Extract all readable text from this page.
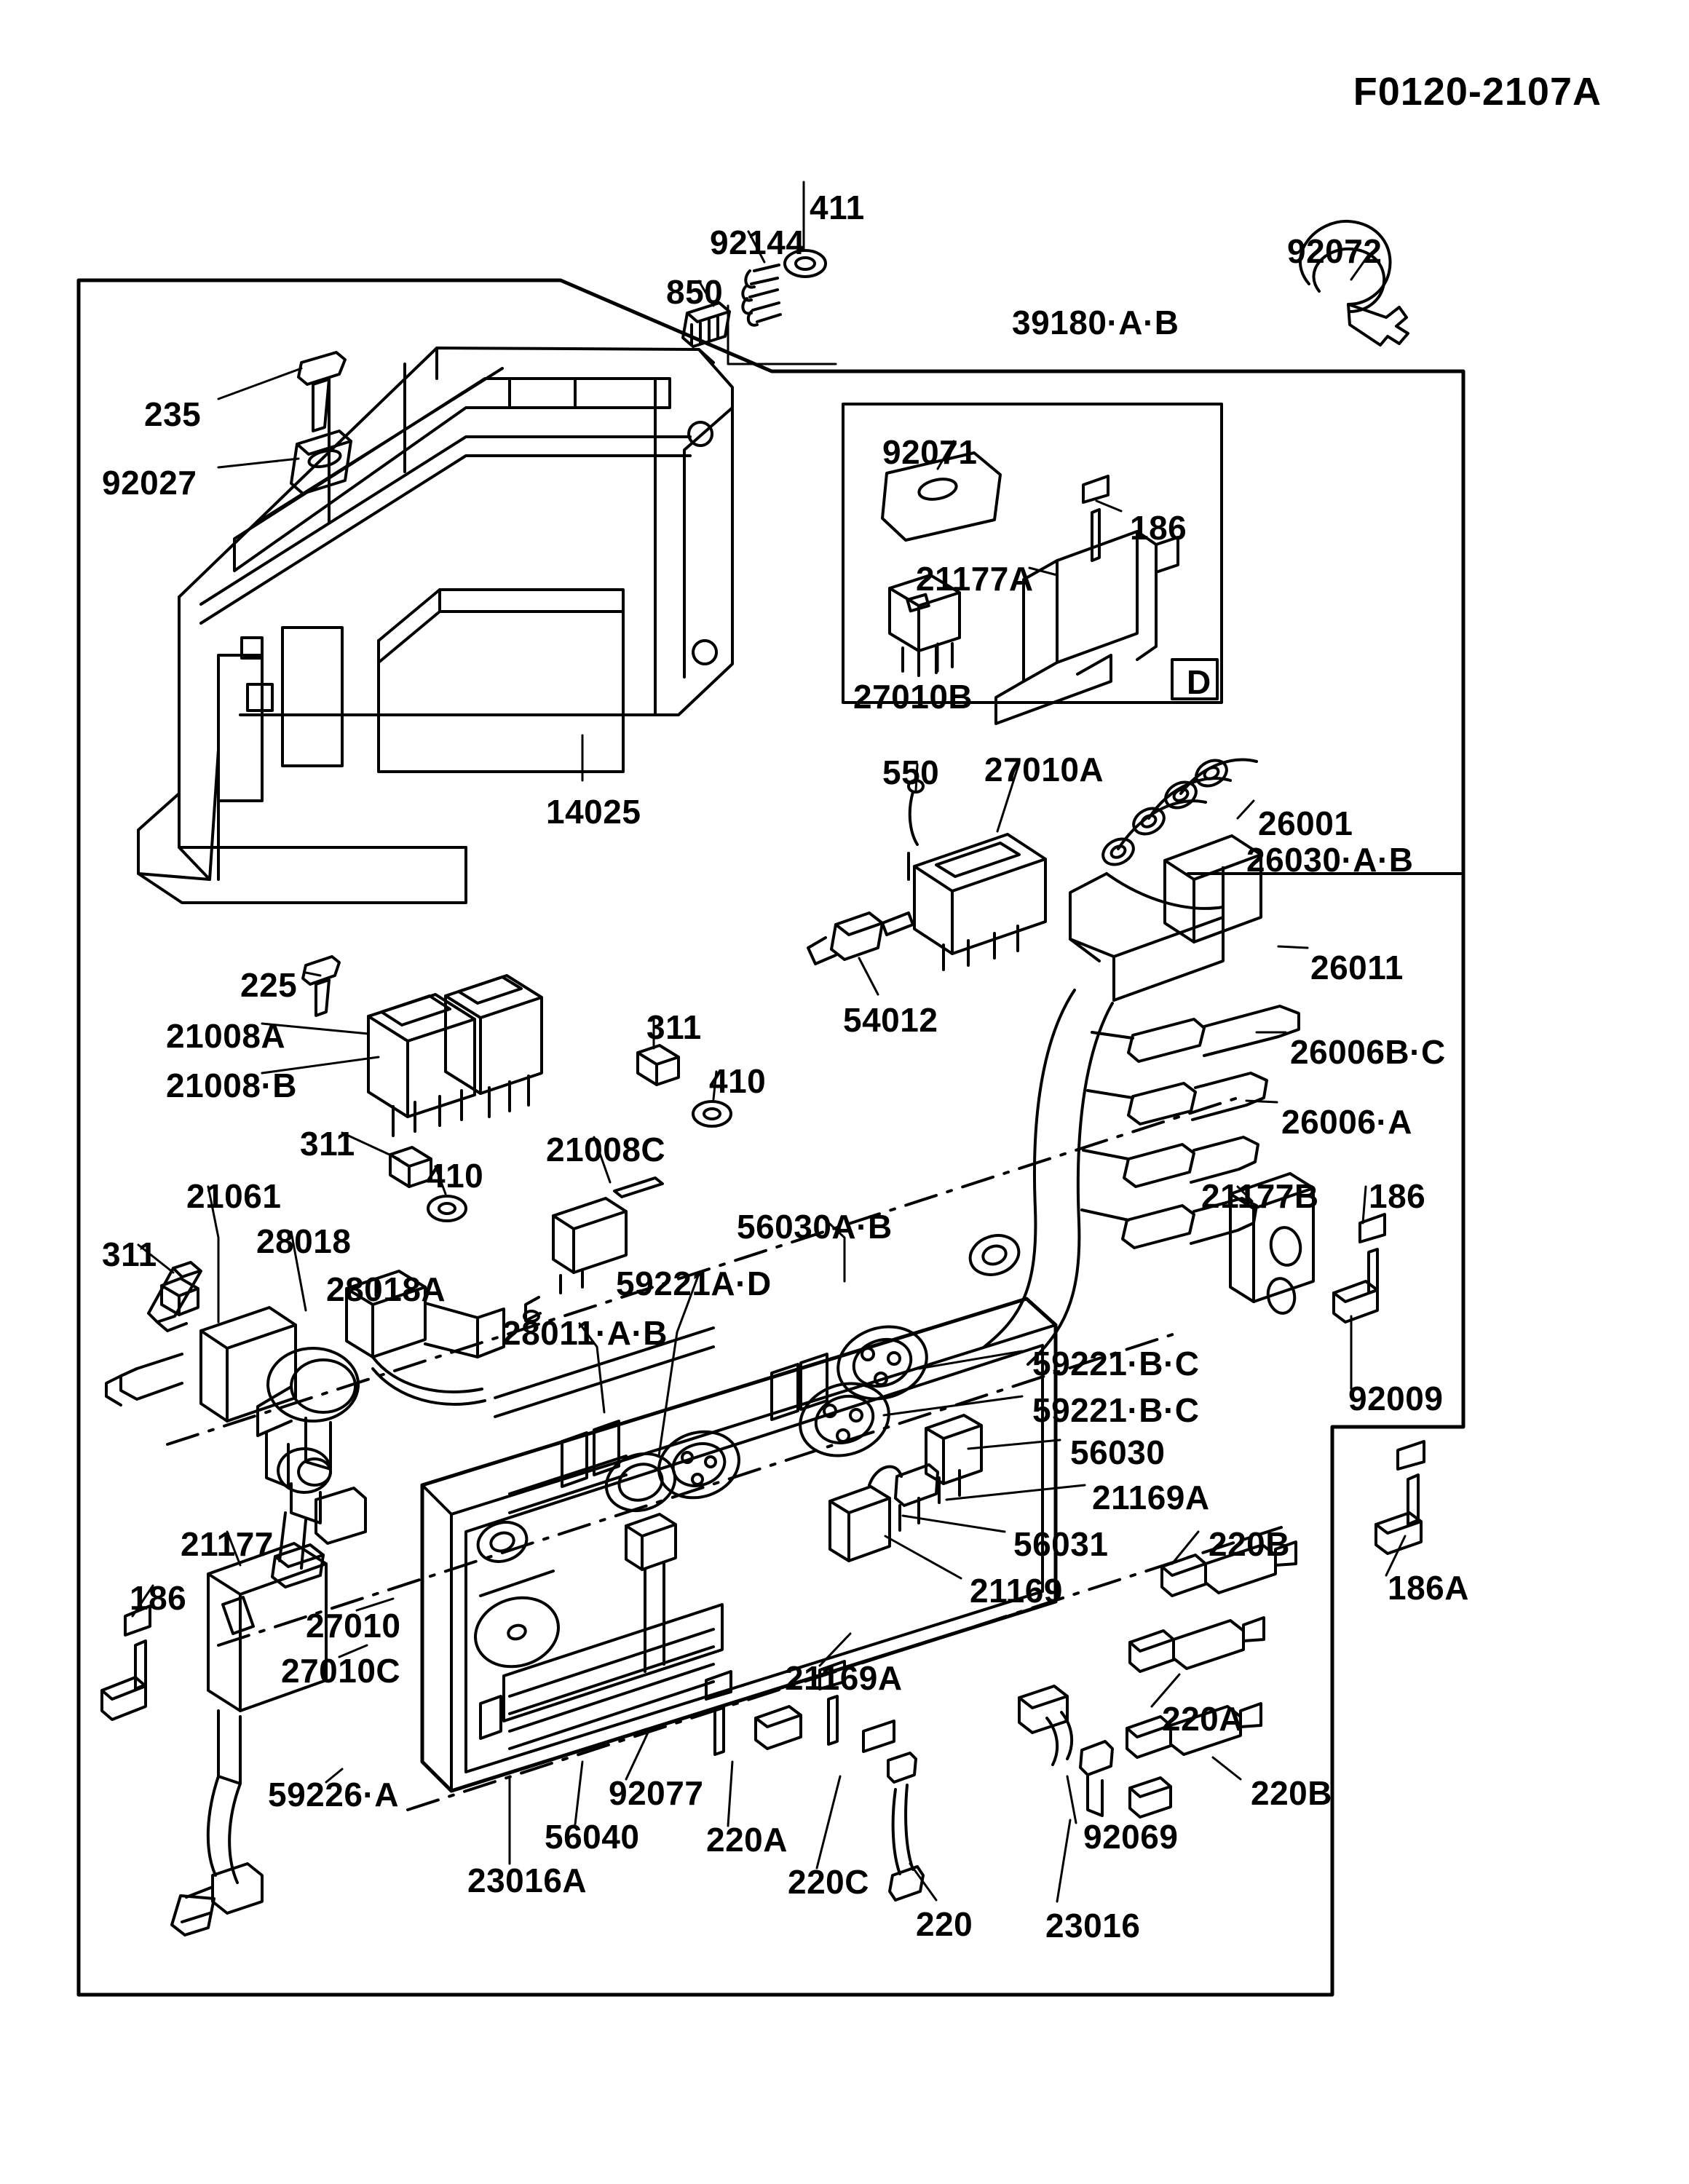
F0120-2107A
411
92144
850
39180·A·B
92072
235
92027
92071
186
21177A
27010B	D
14025
550 27010A
26001
26030·A·B
26011
54012
26006B·C
225
21008A
21008·B
311
410
26006·A
311
410
21008C
56030A·B
21177B 186
21061
28018
311
28018A	59221A·D
28011·A·B
59221·B·C
59221·B·C	92009
56030
21169A
56031	220B
21177
21169	186A
186
27010
27010C	21169A
220A
220B
92077
59226·A
56040 220A	92069
23016A	220C
220 23016
